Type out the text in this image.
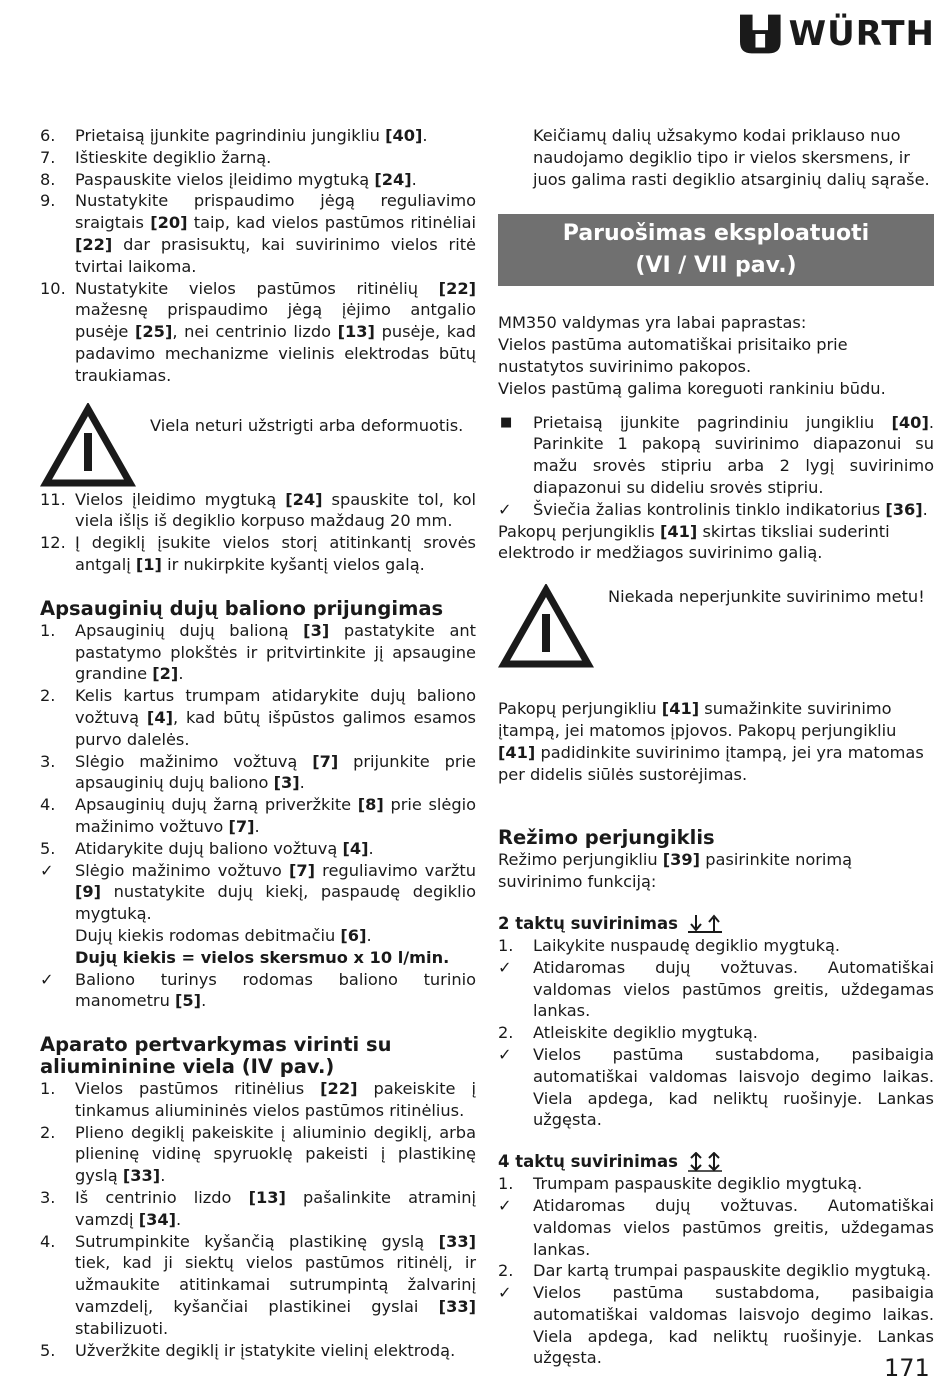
WÜRTH
6.	Prietaisą įjunkite pagrindiniu jungikliu [40].
7.	Ištieskite degiklio žarną.
8.	Paspauskite vielos įleidimo mygtuką [24].
9.	Nustatykite prispaudimo jėgą reguliavimo sraigtais [20] taip, kad vielos pastūmos ritinėliai [22] dar prasisuktų, kai suvirinimo vielos ritė tvirtai laikoma.
10. Nustatykite vielos pastūmos ritinėlių [22] mažesnę prispaudimo jėgą įėjimo antgalio pusėje [25], nei centrinio lizdo [13] pusėje, kad padavimo mechanizme vielinis elektrodas būtų traukiamas.
Viela neturi užstrigti arba deformuotis.
11. Vielos įleidimo mygtuką [24] spauskite tol, kol viela išlįs iš degiklio korpuso maždaug 20 mm.
12. Į degiklį įsukite vielos storį atitinkantį srovės antgalį [1] ir nukirpkite kyšantį vielos galą.
Apsauginių dujų baliono prijungimas
1.	Apsauginių dujų balioną [3] pastatykite ant pastatymo plokštės ir pritvirtinkite jį apsaugine grandine [2].
2.	Kelis kartus trumpam atidarykite dujų baliono vožtuvą [4], kad būtų išpūstos galimos esamos purvo dalelės.
3.	Slėgio mažinimo vožtuvą [7] prijunkite prie apsauginių dujų baliono [3].
4.	Apsauginių dujų žarną priveržkite [8] prie slėgio mažinimo vožtuvo [7].
5.	Atidarykite dujų baliono vožtuvą [4].
✓	Slėgio mažinimo vožtuvo [7] reguliavimo varžtu [9] nustatykite dujų kiekį, paspaudę degiklio mygtuką.
Dujų kiekis rodomas debitmačiu [6].
Dujų kiekis = vielos skersmuo x 10 l/min.
✓	Baliono turinys rodomas baliono turinio manometru [5].
Aparato pertvarkymas virinti su aliumininine viela (IV pav.)
1.	Vielos pastūmos ritinėlius [22] pakeiskite į tinkamus aliumininės vielos pastūmos ritinėlius.
2.	Plieno degiklį pakeiskite į aliuminio degiklį, arba plieninę vidinę spyruoklę pakeisti į plastikinę gyslą [33].
3.	Iš centrinio lizdo [13] pašalinkite atraminį vamzdį [34].
4.	Sutrumpinkite kyšančią plastikinę gyslą [33] tiek, kad ji siektų vielos pastūmos ritinėlį, ir užmaukite atitinkamai sutrumpintą žalvarinį vamzdelį, kyšančiai plastikinei gyslai [33] stabilizuoti.
5.	Užveržkite degiklį ir įstatykite vielinį elektrodą.
Keičiamų dalių užsakymo kodai priklauso nuo naudojamo degiklio tipo ir vielos skersmens, ir juos galima rasti degiklio atsarginių dalių sąraše.
Paruošimas eksploatuoti
(VI / VII pav.)
MM350 valdymas yra labai paprastas:
Vielos pastūma automatiškai prisitaiko prie nustatytos suvirinimo pakopos.
Vielos pastūmą galima koreguoti rankiniu būdu.
■	Prietaisą įjunkite pagrindiniu jungikliu [40]. Parinkite 1 pakopą suvirinimo diapazonui su mažu srovės stipriu arba 2 lygį suvirinimo diapazonui su dideliu srovės stipriu.
✓	Šviečia žalias kontrolinis tinklo indikatorius [36].
Pakopų perjungiklis [41] skirtas tiksliai suderinti elektrodo ir medžiagos suvirinimo galią.
Niekada neperjunkite suvirinimo metu!
Pakopų perjungikliu [41] sumažinkite suvirinimo įtampą, jei matomos įpjovos. Pakopų perjungikliu [41] padidinkite suvirinimo įtampą, jei yra matomas per didelis siūlės sustorėjimas.
Režimo perjungiklis
Režimo perjungikliu [39] pasirinkite norimą suvirinimo funkciją:
2 taktų suvirinimas
1.	Laikykite nuspaudę degiklio mygtuką.
✓	Atidaromas dujų vožtuvas. Automatiškai valdomas vielos pastūmos greitis, uždegamas lankas.
2.	Atleiskite degiklio mygtuką.
✓	Vielos pastūma sustabdoma, pasibaigia automatiškai valdomas laisvojo degimo laikas. Viela apdega, kad neliktų ruošinyje. Lankas užgęsta.
4 taktų suvirinimas
1.	Trumpam paspauskite degiklio mygtuką.
✓	Atidaromas dujų vožtuvas. Automatiškai valdomas vielos pastūmos greitis, uždegamas lankas.
2.	Dar kartą trumpai paspauskite degiklio mygtuką.
✓	Vielos pastūma sustabdoma, pasibaigia automatiškai valdomas laisvojo degimo laikas. Viela apdega, kad neliktų ruošinyje. Lankas užgęsta.	171
